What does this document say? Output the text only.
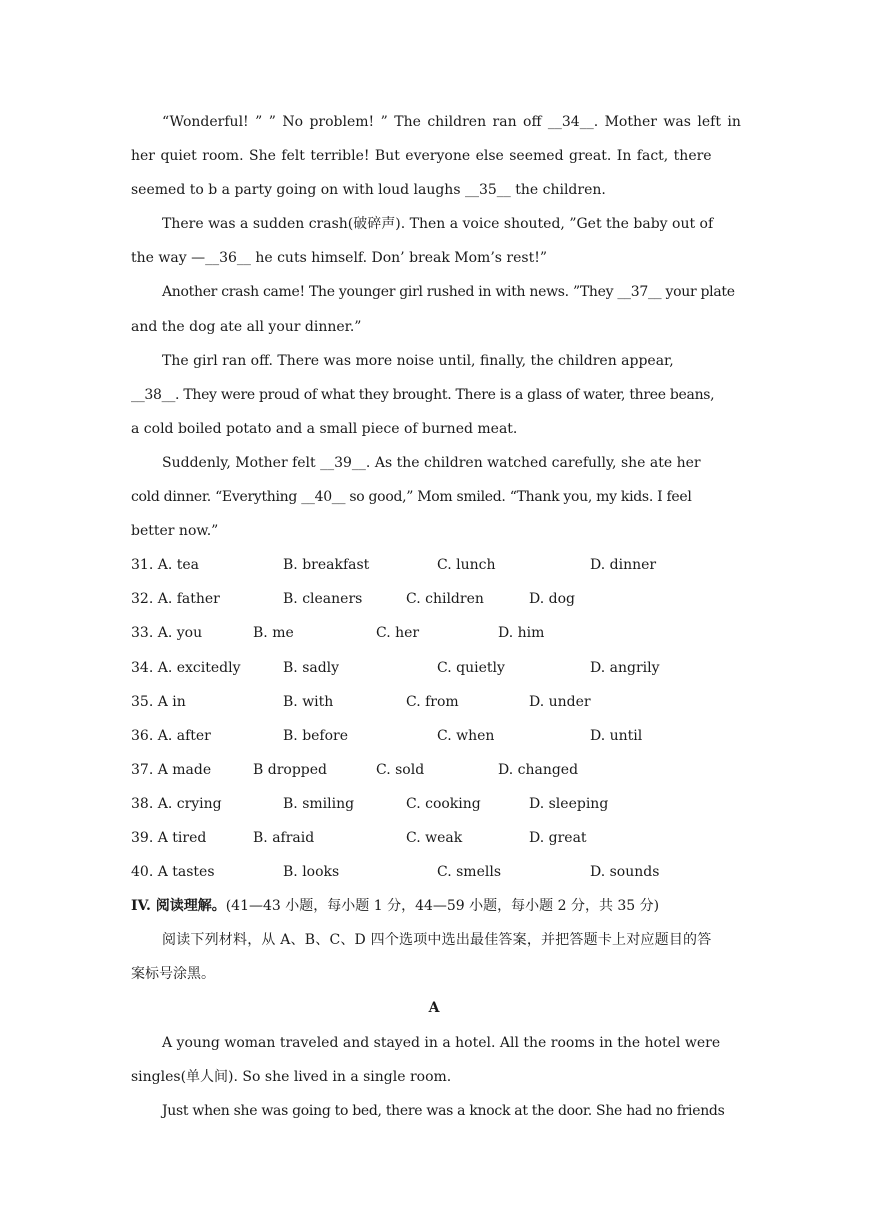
“Wonderful! ” ” No problem! ” The children ran off __34__. Mother was left in
her quiet room. She felt terrible! But everyone else seemed great. In fact, there
seemed to b a party going on with loud laughs __35__ the children.
There was a sudden crash(破碎声). Then a voice shouted, ”Get the baby out of
the way —__36__ he cuts himself. Don’ break Mom’s rest!”
Another crash came! The younger girl rushed in with news. ”They __37__ your plate
and the dog ate all your dinner.”
The girl ran off. There was more noise until, finally, the children appear,
__38__. They were proud of what they brought. There is a glass of water, three beans,
a cold boiled potato and a small piece of burned meat.
Suddenly, Mother felt __39__. As the children watched carefully, she ate her
cold dinner. “Everything __40__ so good,” Mom smiled. “Thank you, my kids. I feel
better now.”
31. A. tea	B. breakfast	C. lunch	D. dinner
32. A. father	B. cleaners	C. children	D. dog
33. A. you	B. me	C. her	D. him
34. A. excitedly	B. sadly	C. quietly	D. angrily
35. A in	B. with	C. from	D. under
36. A. after	B. before	C. when	D. until
37. A made	B dropped	C. sold	D. changed
38. A. crying	B. smiling	C. cooking	D. sleeping
39. A tired	B. afraid	C. weak	D. great
40. A tastes	B. looks	C. smells	D. sounds
IV. 阅读理解。(41—43 小题，每小题 1 分，44—59 小题，每小题 2 分，共 35 分)
阅读下列材料，从 A、B、C、D 四个选项中选出最佳答案，并把答题卡上对应题目的答
案标号涂黑。
A
A young woman traveled and stayed in a hotel. All the rooms in the hotel were
singles(单人间). So she lived in a single room.
Just when she was going to bed, there was a knock at the door. She had no friends
